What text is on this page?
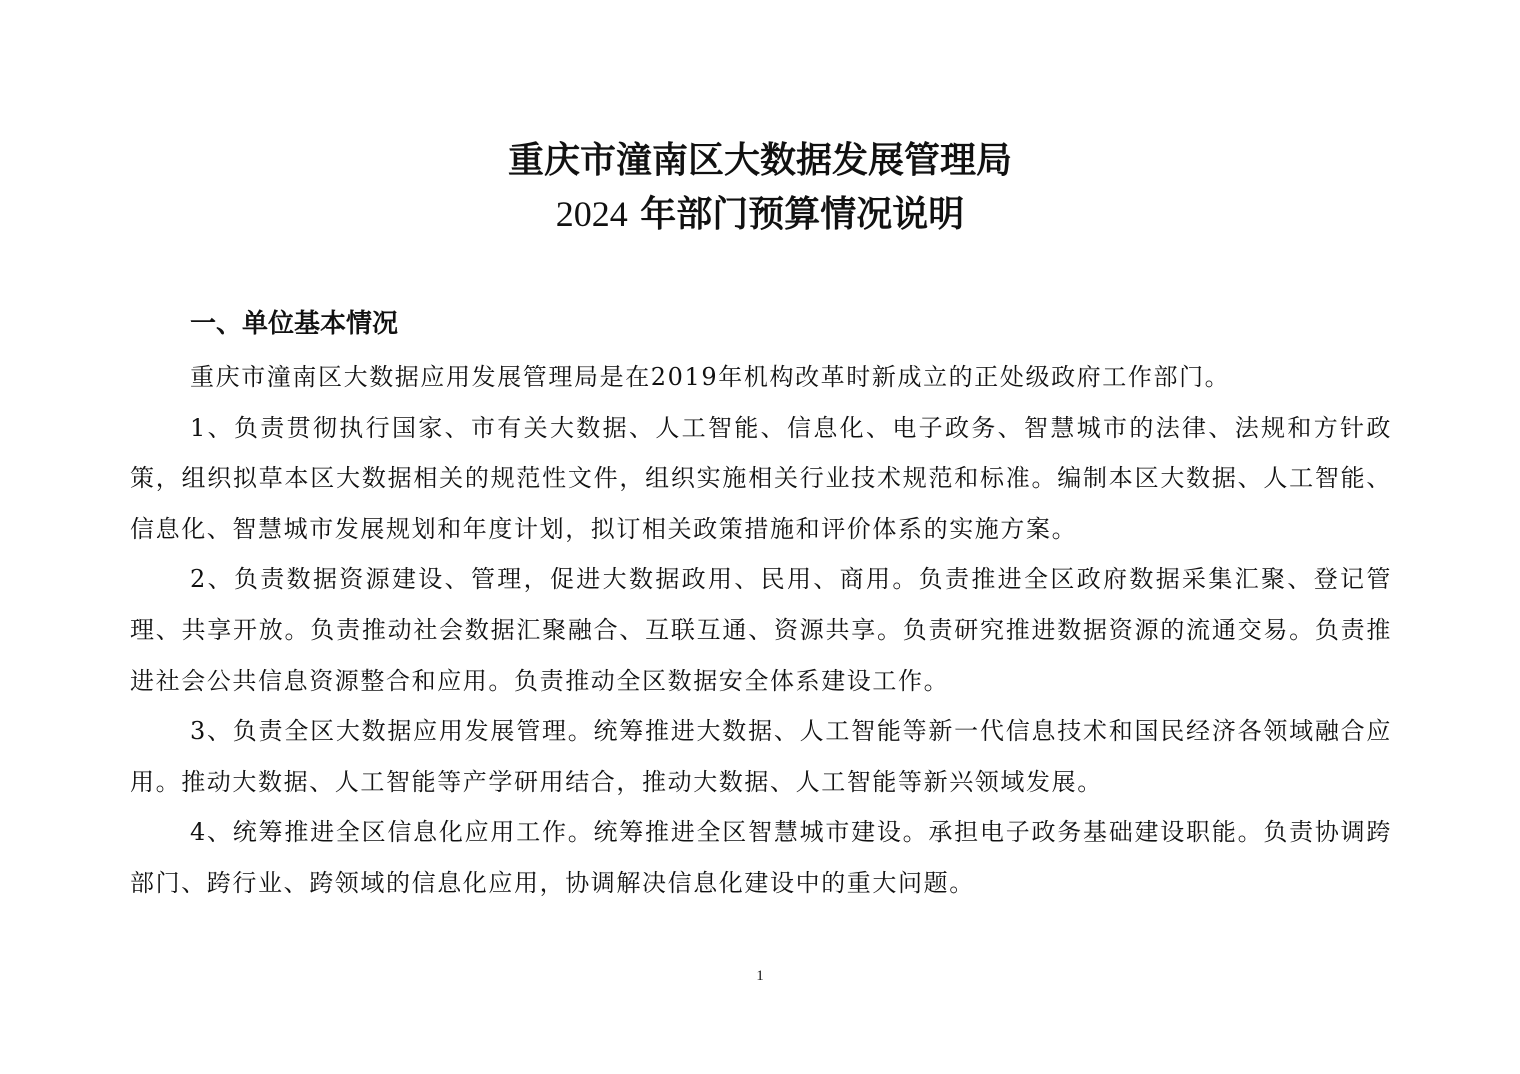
重庆市潼南区大数据发展管理局
2024 年部门预算情况说明
一、单位基本情况

重庆市潼南区大数据应用发展管理局是在2019年机构改革时新成立的正处级政府工作部门。

1、负责贯彻执行国家、市有关大数据、人工智能、信息化、电子政务、智慧城市的法律、法规和方针政策，组织拟草本区大数据相关的规范性文件，组织实施相关行业技术规范和标准。编制本区大数据、人工智能、信息化、智慧城市发展规划和年度计划，拟订相关政策措施和评价体系的实施方案。

2、负责数据资源建设、管理，促进大数据政用、民用、商用。负责推进全区政府数据采集汇聚、登记管理、共享开放。负责推动社会数据汇聚融合、互联互通、资源共享。负责研究推进数据资源的流通交易。负责推进社会公共信息资源整合和应用。负责推动全区数据安全体系建设工作。

3、负责全区大数据应用发展管理。统筹推进大数据、人工智能等新一代信息技术和国民经济各领域融合应用。推动大数据、人工智能等产学研用结合，推动大数据、人工智能等新兴领域发展。

4、统筹推进全区信息化应用工作。统筹推进全区智慧城市建设。承担电子政务基础建设职能。负责协调跨部门、跨行业、跨领域的信息化应用，协调解决信息化建设中的重大问题。

1
